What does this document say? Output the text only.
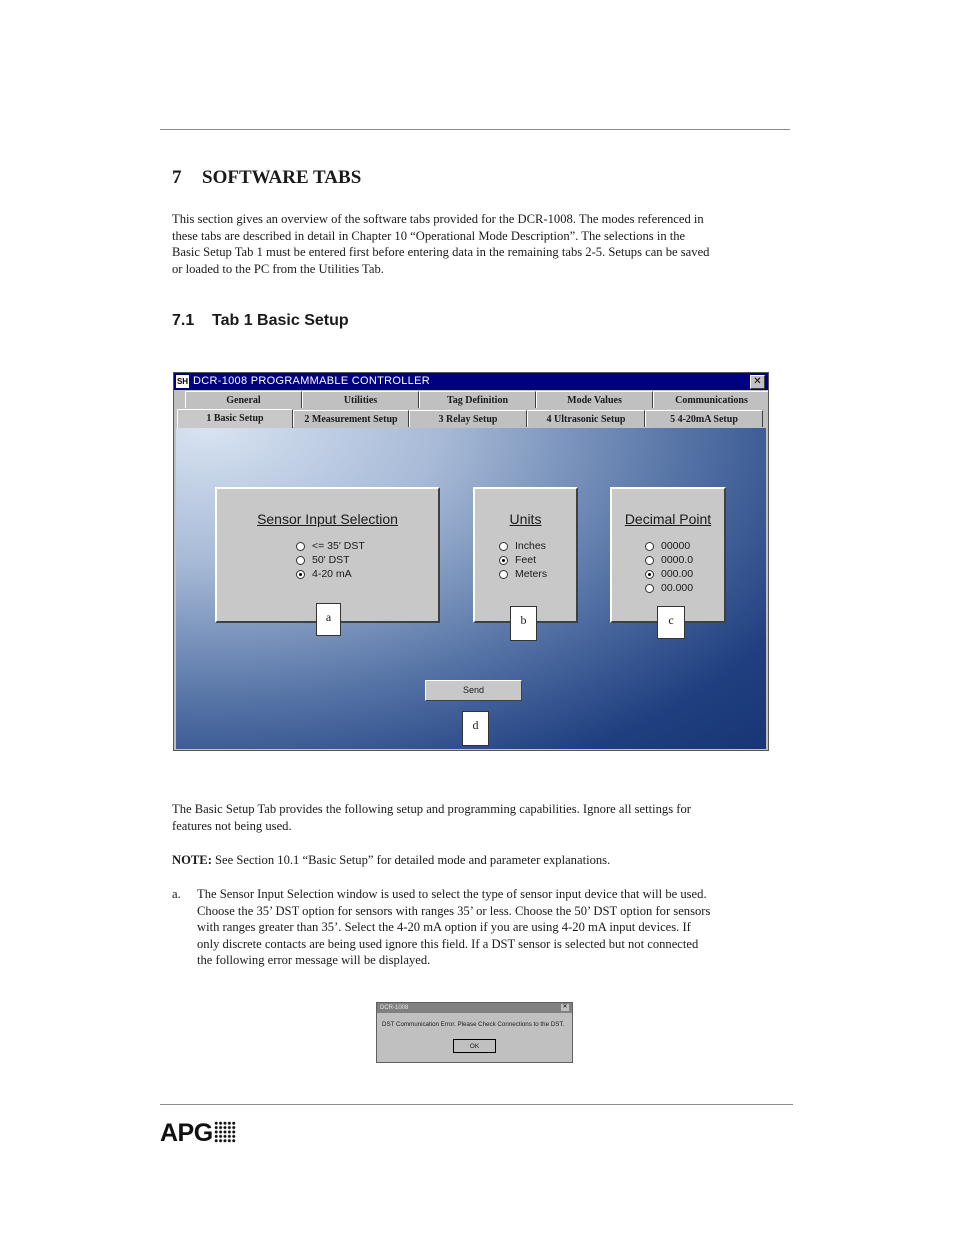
7 SOFTWARE TABS
This section gives an overview of the software tabs provided for the DCR-1008. The modes referenced in
these tabs are described in detail in Chapter 10 “Operational Mode Description”. The selections in the
Basic Setup Tab 1 must be entered first before entering data in the remaining tabs 2-5. Setups can be saved
or loaded to the PC from the Utilities Tab.
7.1 Tab 1 Basic Setup
SH DCR-1008 PROGRAMMABLE CONTROLLER	✕
General	Utilities	Tag Definition	Mode Values	Communications
1 Basic Setup	2 Measurement Setup	3 Relay Setup	4 Ultrasonic Setup	5 4-20mA Setup
Sensor Input Selection
<= 35' DST
50' DST
4-20 mA
a
Units
Inches
Feet
Meters
b
Decimal Point
00000
0000.0
000.00
00.000
c
Send
d
The Basic Setup Tab provides the following setup and programming capabilities. Ignore all settings for
features not being used.
NOTE: See Section 10.1 “Basic Setup” for detailed mode and parameter explanations.
a. The Sensor Input Selection window is used to select the type of sensor input device that will be used.
Choose the 35’ DST option for sensors with ranges 35’ or less. Choose the 50’ DST option for sensors
with ranges greater than 35’. Select the 4-20 mA option if you are using 4-20 mA input devices. If
only discrete contacts are being used ignore this field. If a DST sensor is selected but not connected
the following error message will be displayed.
DCR-1008	✕
DST Communication Error. Please Check Connections to the DST.
OK
APG
